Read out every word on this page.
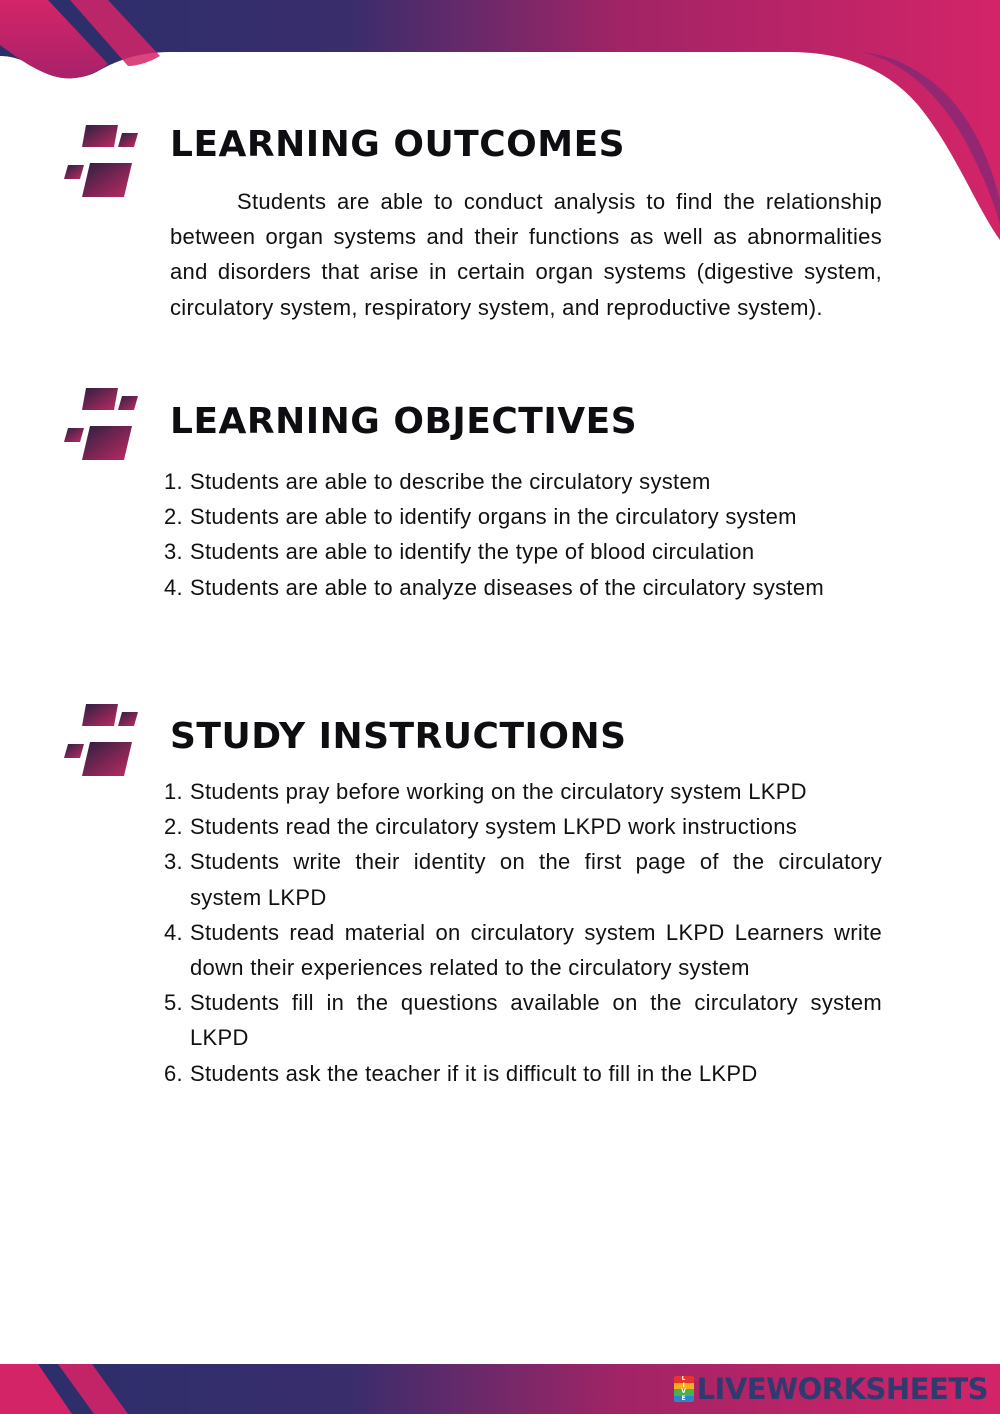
LEARNING OUTCOMES

Students are able to conduct analysis to find the relationship between organ systems and their functions as well as abnormalities and disorders that arise in certain organ systems (digestive system, circulatory system, respiratory system, and reproductive system).

LEARNING OBJECTIVES
1. Students are able to describe the circulatory system
2. Students are able to identify organs in the circulatory system
3. Students are able to identify the type of blood circulation
4. Students are able to analyze diseases of the circulatory system
STUDY INSTRUCTIONS
1. Students pray before working on the circulatory system LKPD
2. Students read the circulatory system LKPD work instructions
3. Students write their identity on the first page of the circulatory system LKPD
4. Students read material on circulatory system LKPD Learners write down their experiences related to the circulatory system
5. Students fill in the questions available on the circulatory system LKPD
6. Students ask the teacher if it is difficult to fill in the LKPD
L
I
V
E LIVEWORKSHEETS
